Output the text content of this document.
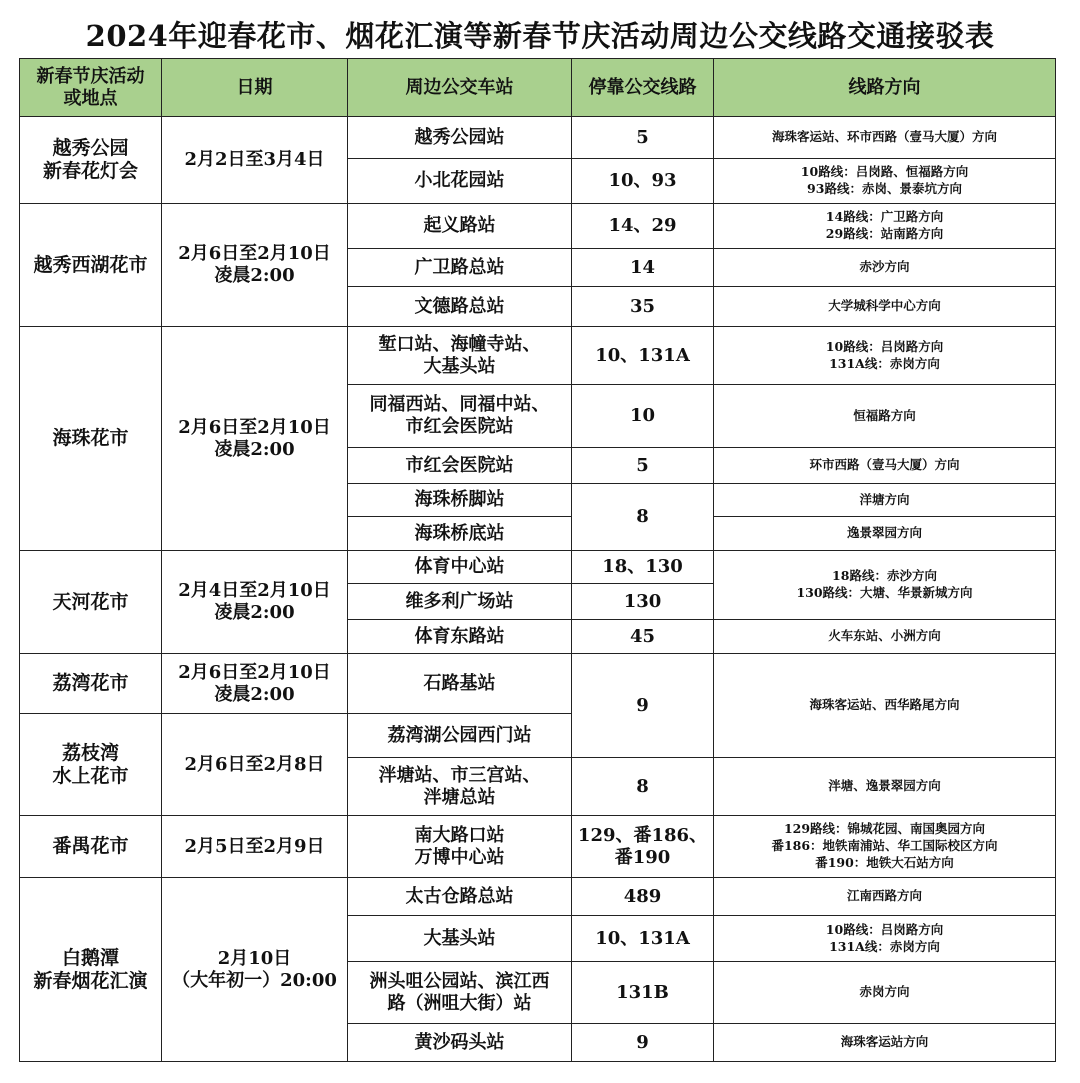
2024年迎春花市、烟花汇演等新春节庆活动周边公交线路交通接驳表
新春节庆活动
或地点	日期	周边公交车站	停靠公交线路	线路方向

越秀公园
新春花灯会	2月2日至3月4日	越秀公园站	5	海珠客运站、环市西路（壹马大厦）方向

		小北花园站	10、93	10路线：吕岗路、恒福路方向
93路线：赤岗、景泰坑方向

越秀西湖花市	2月6日至2月10日
凌晨2:00	起义路站	14、29	14路线：广卫路方向
29路线：站南路方向

		广卫路总站	14	赤沙方向

		文德路总站	35	大学城科学中心方向

海珠花市	2月6日至2月10日
凌晨2:00	堑口站、海幢寺站、
大基头站	10、131A	10路线：吕岗路方向
131A线：赤岗方向

		同福西站、同福中站、
市红会医院站	10	恒福路方向

		市红会医院站	5	环市西路（壹马大厦）方向

		海珠桥脚站	8	洋塘方向

		海珠桥底站		逸景翠园方向

天河花市	2月4日至2月10日
凌晨2:00	体育中心站	18、130	18路线：赤沙方向
130路线：大塘、华景新城方向

		维多利广场站	130	

		体育东路站	45	火车东站、小洲方向

荔湾花市	2月6日至2月10日
凌晨2:00	石路基站	9	海珠客运站、西华路尾方向

荔枝湾
水上花市	2月6日至2月8日	荔湾湖公园西门站		

		泮塘站、市三宫站、
泮塘总站	8	泮塘、逸景翠园方向

番禺花市	2月5日至2月9日	南大路口站
万博中心站	129、番186、
番190	129路线：锦城花园、南国奥园方向
番186：地铁南浦站、华工国际校区方向
番190：地铁大石站方向

白鹅潭
新春烟花汇演	2月10日
（大年初一）20:00	太古仓路总站	489	江南西路方向

		大基头站	10、131A	10路线：吕岗路方向
131A线：赤岗方向

		洲头咀公园站、滨江西
路（洲咀大街）站	131B	赤岗方向

		黄沙码头站	9	海珠客运站方向
